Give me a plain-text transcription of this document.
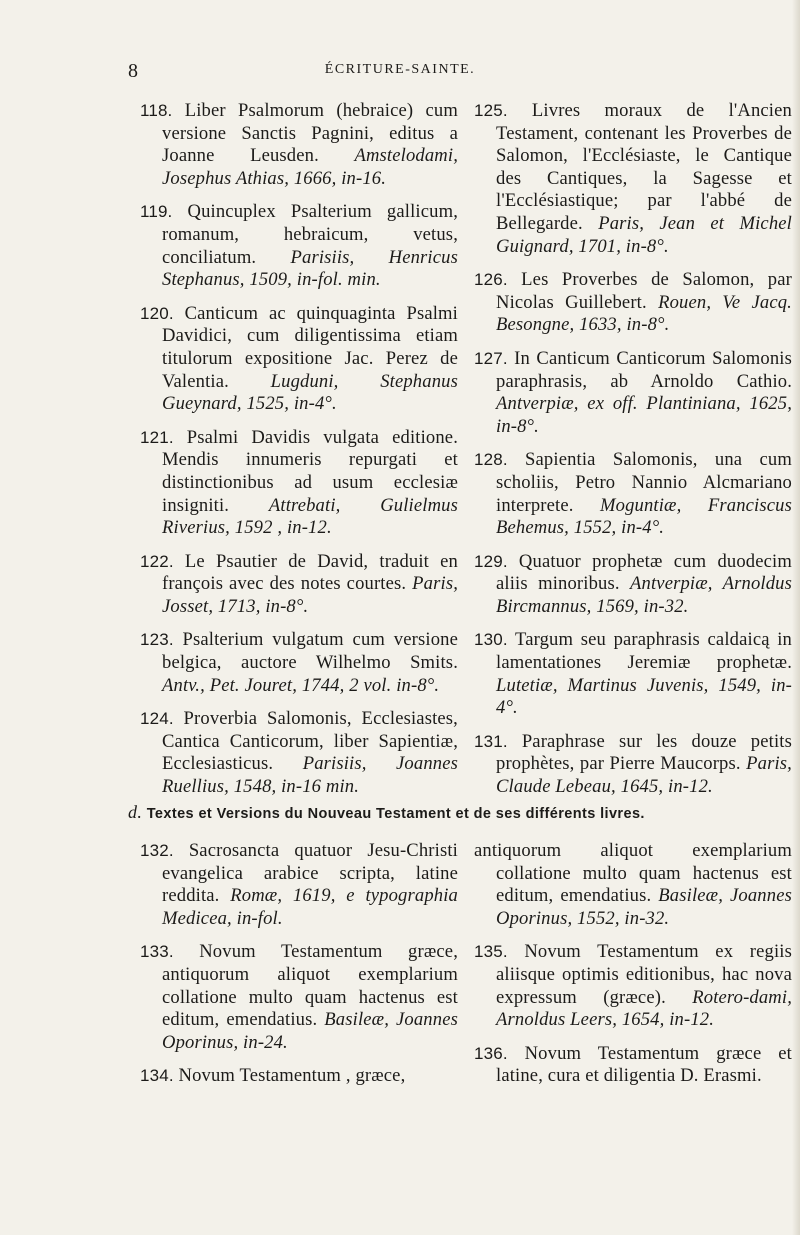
8	ÉCRITURE-SAINTE.

118. Liber Psalmorum (hebraice) cum versione Sanctis Pagnini, editus a Joanne Leusden. Amstelodami, Josephus Athias, 1666, in-16.

119. Quincuplex Psalterium gallicum, romanum, hebraicum, vetus, conciliatum. Parisiis, Henricus Stephanus, 1509, in-fol. min.

120. Canticum ac quinquaginta Psalmi Davidici, cum diligentissima etiam titulorum expositione Jac. Perez de Valentia. Lugduni, Stephanus Gueynard, 1525, in-4°.

121. Psalmi Davidis vulgata editione. Mendis innumeris repurgati et distinctionibus ad usum ecclesiæ insigniti. Attrebati, Gulielmus Riverius, 1592 , in-12.

122. Le Psautier de David, traduit en françois avec des notes courtes. Paris, Josset, 1713, in-8°.

123. Psalterium vulgatum cum versione belgica, auctore Wilhelmo Smits. Antv., Pet. Jouret, 1744, 2 vol. in-8°.

124. Proverbia Salomonis, Ecclesiastes, Cantica Canticorum, liber Sapientiæ, Ecclesiasticus. Parisiis, Joannes Ruellius, 1548, in-16 min.

125. Livres moraux de l'Ancien Testament, contenant les Proverbes de Salomon, l'Ecclésiaste, le Cantique des Cantiques, la Sagesse et l'Ecclésiastique; par l'abbé de Bellegarde. Paris, Jean et Michel Guignard, 1701, in-8°.

126. Les Proverbes de Salomon, par Nicolas Guillebert. Rouen, Ve Jacq. Besongne, 1633, in-8°.

127. In Canticum Canticorum Salomonis paraphrasis, ab Arnoldo Cathio. Antverpiæ, ex off. Plantiniana, 1625, in-8°.

128. Sapientia Salomonis, una cum scholiis, Petro Nannio Alcmariano interprete. Moguntiæ, Franciscus Behemus, 1552, in-4°.

129. Quatuor prophetæ cum duodecim aliis minoribus. Antverpiæ, Arnoldus Bircmannus, 1569, in-32.

130. Targum seu paraphrasis caldaicą in lamentationes Jeremiæ prophetæ. Lutetiæ, Martinus Juvenis, 1549, in-4°.

131. Paraphrase sur les douze petits prophètes, par Pierre Maucorps. Paris, Claude Lebeau, 1645, in-12.

d. Textes et Versions du Nouveau Testament et de ses différents livres.

132. Sacrosancta quatuor Jesu-Christi evangelica arabice scripta, latine reddita. Romæ, 1619, e typographia Medicea, in-fol.

133. Novum Testamentum græce, antiquorum aliquot exemplarium collatione multo quam hactenus est editum, emendatius. Basileæ, Joannes Oporinus, in-24.

134. Novum Testamentum , græce,

antiquorum aliquot exemplarium collatione multo quam hactenus est editum, emendatius. Basileæ, Joannes Oporinus, 1552, in-32.

135. Novum Testamentum ex regiis aliisque optimis editionibus, hac nova expressum (græce). Rotero-dami, Arnoldus Leers, 1654, in-12.

136. Novum Testamentum græce et latine, cura et diligentia D. Erasmi.
